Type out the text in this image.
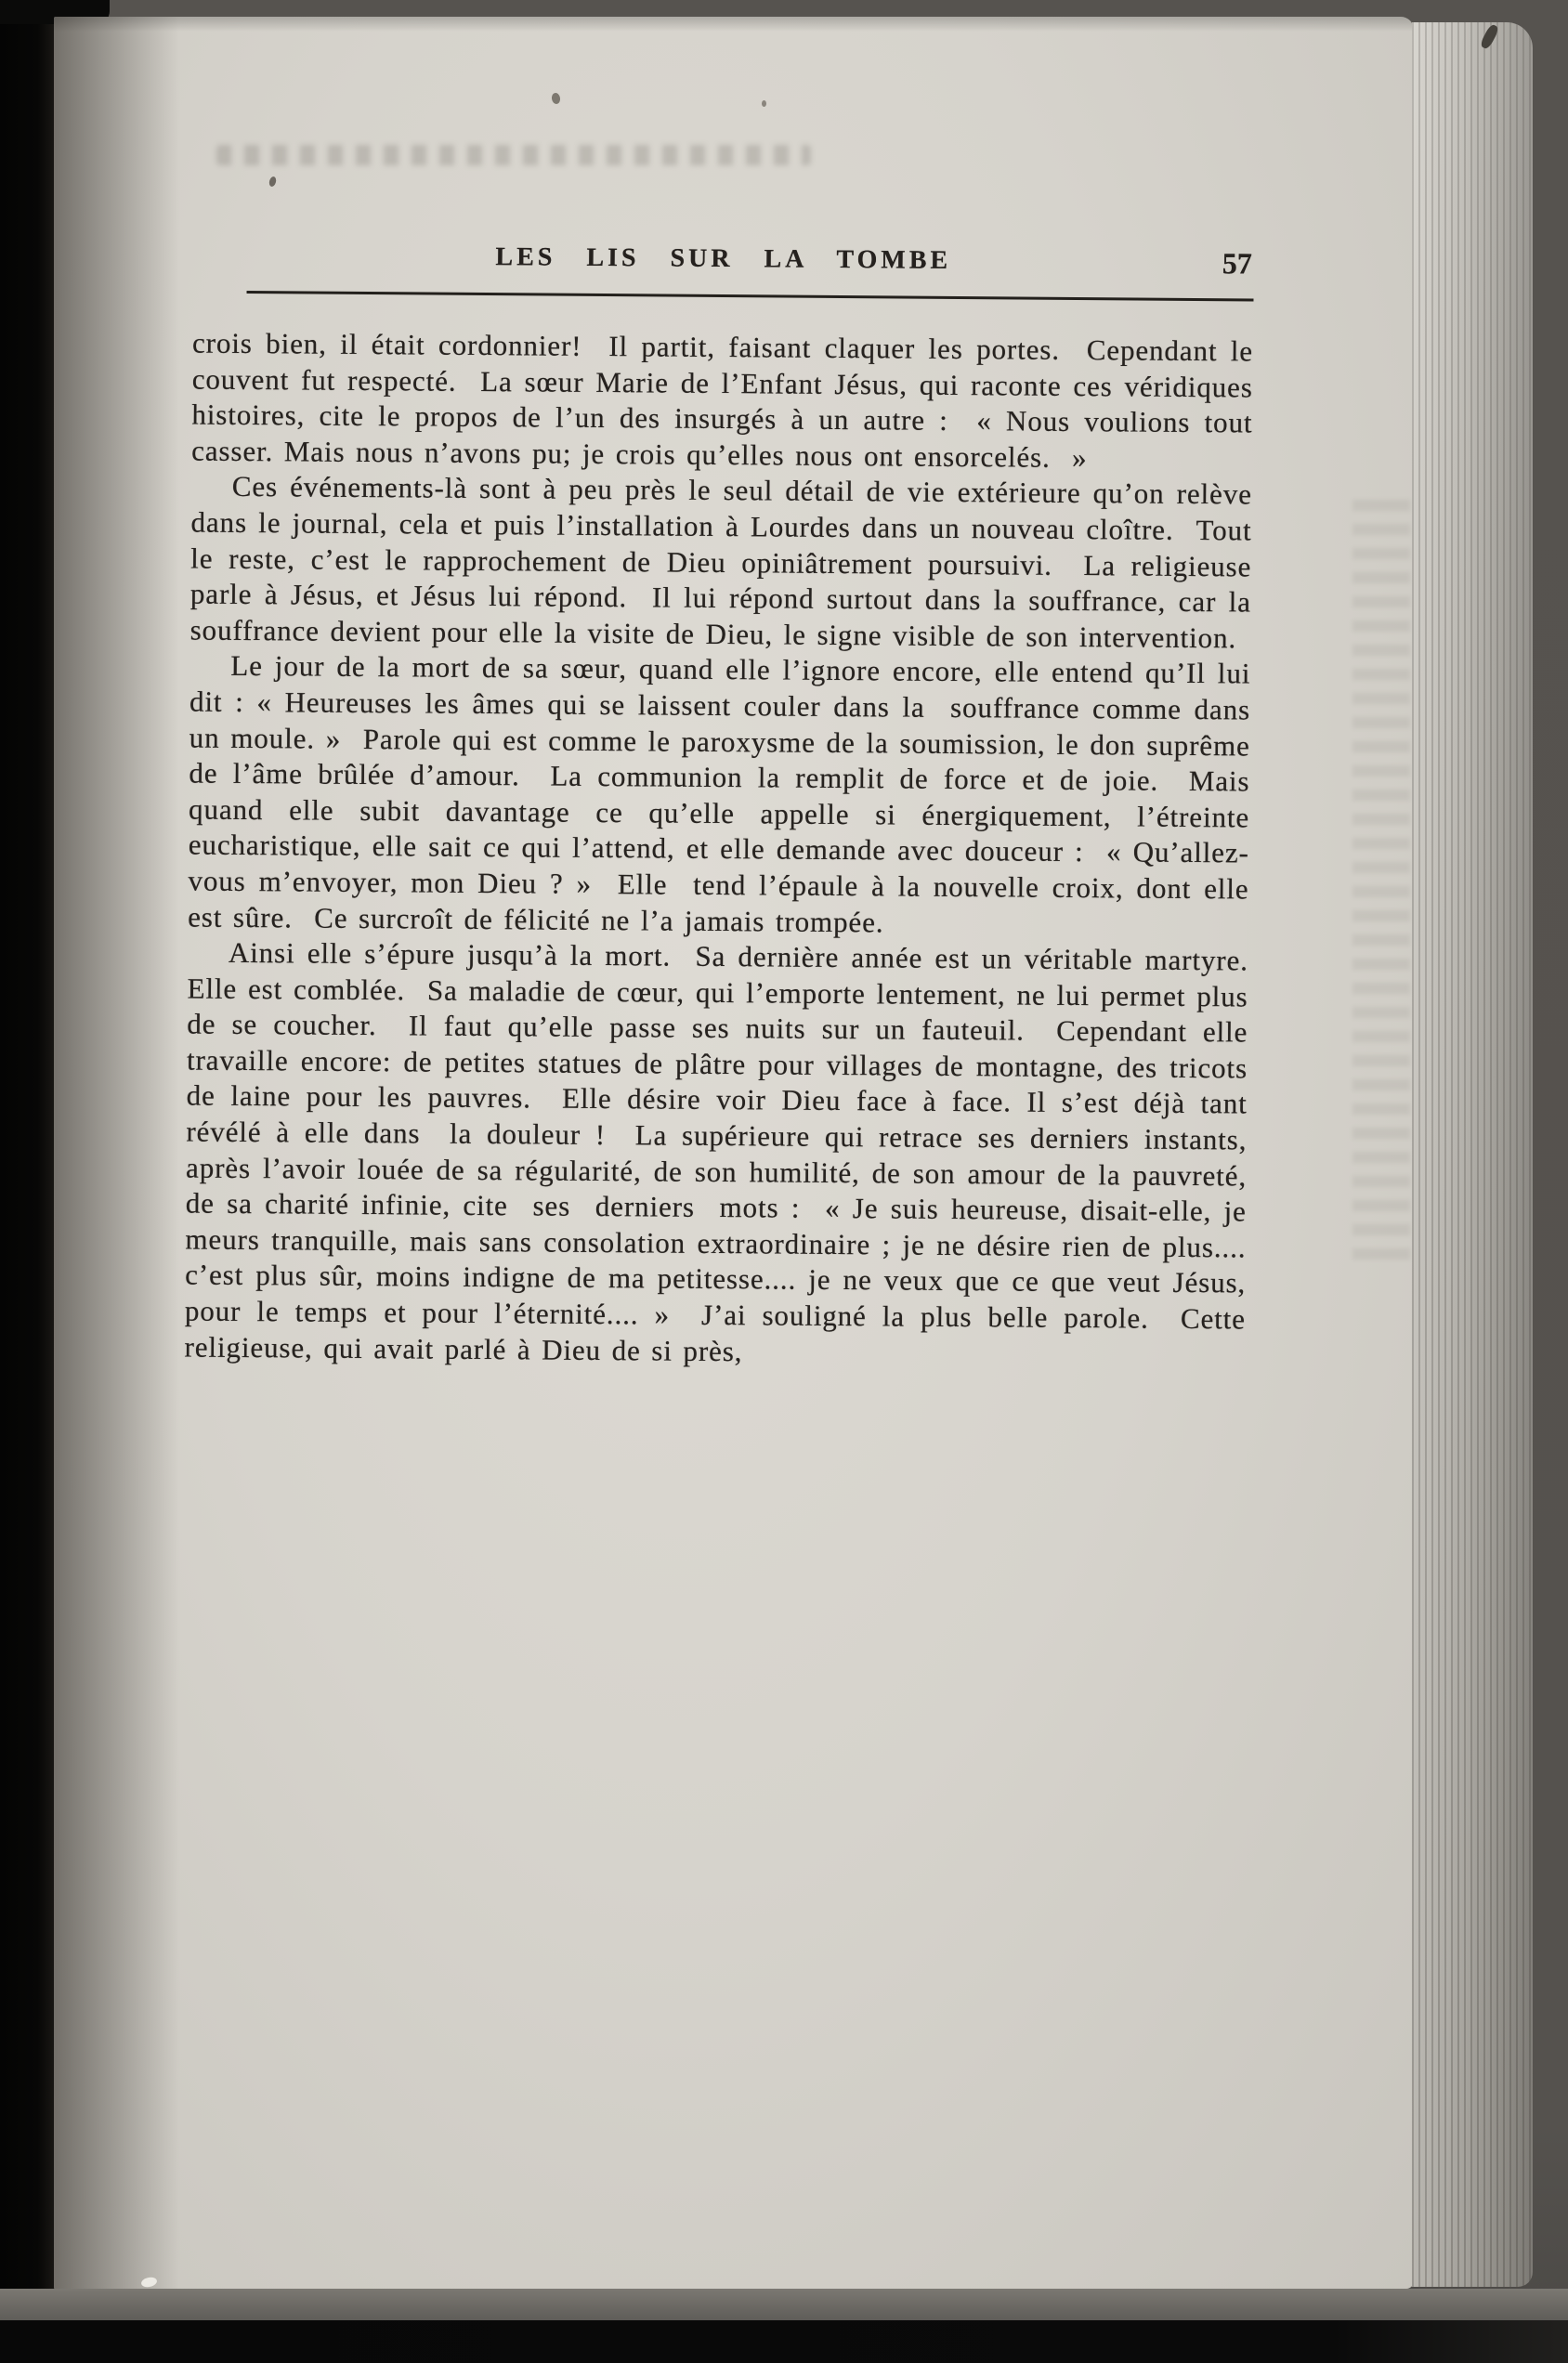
LES LIS SUR LA TOMBE	57

crois bien, il était cordonnier!  Il partit, faisant claquer les portes.  Cependant le couvent fut respecté.  La sœur Marie de l’Enfant Jésus, qui raconte ces véridiques histoires, cite le propos de l’un des insurgés à un autre :  « Nous voulions tout casser. Mais nous n’avons pu; je crois qu’elles nous ont ensorcelés.  »

Ces événements-là sont à peu près le seul détail de vie extérieure qu’on relève dans le journal, cela et puis l’installation à Lourdes dans un nouveau cloître.  Tout le reste, c’est le rapprochement de Dieu opiniâtrement poursuivi.  La religieuse parle à Jésus, et Jésus lui répond.  Il lui répond surtout dans la souffrance, car la souffrance devient pour elle la visite de Dieu, le signe visible de son intervention.

Le jour de la mort de sa sœur, quand elle l’ignore encore, elle entend qu’Il lui dit : « Heureuses les âmes qui se laissent couler dans la  souffrance comme dans un moule. »  Parole qui est comme le paroxysme de la soumission, le don suprême de l’âme brûlée d’amour.  La communion la remplit de force et de joie.  Mais quand elle subit davantage ce qu’elle appelle si énergiquement, l’étreinte eucharistique, elle sait ce qui l’attend, et elle demande avec douceur :  « Qu’allez-vous m’envoyer, mon Dieu ? »  Elle  tend l’épaule à la nouvelle croix, dont elle est sûre.  Ce surcroît de félicité ne l’a jamais trompée.

Ainsi elle s’épure jusqu’à la mort.  Sa dernière année est un véritable martyre.  Elle est comblée.  Sa maladie de cœur, qui l’emporte lentement, ne lui permet plus de se coucher.  Il faut qu’elle passe ses nuits sur un fauteuil.  Cependant elle travaille encore: de petites statues de plâtre pour villages de montagne, des tricots de laine pour les pauvres.  Elle désire voir Dieu face à face. Il s’est déjà tant révélé à elle dans  la douleur !  La supérieure qui retrace ses derniers instants, après l’avoir louée de sa régularité, de son humilité, de son amour de la pauvreté, de sa charité infinie, cite  ses  derniers  mots :  « Je suis heureuse, disait-elle, je meurs tranquille, mais sans consolation extraordinaire ; je ne désire rien de plus.... c’est plus sûr, moins indigne de ma petitesse.... je ne veux que ce que veut Jésus, pour le temps et pour l’éternité.... »  J’ai souligné la plus belle parole.  Cette religieuse, qui avait parlé à Dieu de si près,
